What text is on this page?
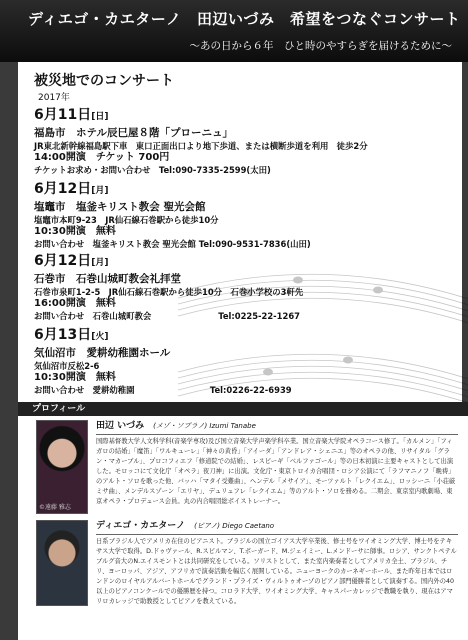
ディエゴ・カエターノ　田辺いづみ　希望をつなぐコンサート
～あの日から６年　ひと時のやすらぎを届けるために～
被災地でのコンサート
2017年
6月11日[日]
福島市　ホテル辰巳屋８階「プローニュ」
JR東北新幹線福島駅下車　東口正面出口より地下歩道、または横断歩道を利用　徒歩2分
14:00開演　チケット 700円
チケットお求め・お問い合わせ　Tel:090-7335-2599(太田)
6月12日[月]
塩竈市　塩釜キリスト教会 聖光会館
塩竈市本町9-23　JR仙石線石巻駅から徒歩10分
10:30開演　無料
お問い合わせ　塩釜キリスト教会 聖光会館 Tel:090-9531-7836(山田)
6月12日[月]
石巻市　石巻山城町教会礼拝堂
石巻市泉町1-2-5　JR仙石線石巻駅から徒歩10分　石巻小学校の3軒先
16:00開演　無料
お問い合わせ　石巻山城町教会　　　　　　　　Tel:0225-22-1267
6月13日[火]
気仙沼市　愛耕幼稚園ホール
気仙沼市反松2-6
10:30開演　無料
お問い合わせ　愛耕幼稚園　　　　　　　　　Tel:0226-22-6939
プロフィール
©遠藤 雅志
田辺 いづみ　 (メゾ・ソプラノ) Izumi Tanabe
国際基督教大学人文科学科(音楽学専攻)及び国立音楽大学声楽学科卒業。国立音楽大学院オペラコース修了。「カルメン」「フィガロの結婚」「魔笛」「ワルキューレ」「神々の黄昏」「アイーダ」「アンドレア・シェニエ」等のオペラの他、リサイタル「グラン・マカーブル」、プロコフィエフ「修道院での結婚」、レスピーギ「ベルファゴール」等の日本初演に主要キャストとして出演した。モロッコにて文化庁「オペラ」夜刀神」に出演。文化庁・東京トロイカ合唱団・ロシア公演にて「ラフマニノフ「晩祷」のアルト・ソロを歌った他、バッハ「マタイ受難曲」、ヘンデル「メサイア」、モーツァルト「レクイエム」、ロッシーニ「小荘厳ミサ曲」、メンデルスゾーン「エリヤ」、デュリュフレ「レクイエム」等のアルト・ソロを務める。二期会、東京室内歌劇場、東京オペラ・プロデュース会員。丸の内合唱団総ボイストレーナー。
ディエゴ・カエターノ　 (ピアノ) Diego Caetano
日系ブラジル人でアメリカ在住のピアニスト。ブラジルの国立ゴイアス大学卒業後、修士号をワイオミング大学、博士号をテキサス大学で取得。D.ドゥヴァール、R.スピルマン、T.ボーガード、M.ジェイミー、L.メンドーサに師事。ロシア、サンクトペテルブルグ音大のN.エイスモントとは共同研究をしている。ソリストとして、また室内楽奏者としてアメリカ全土、ブラジル、チリ、ヨーロッパ、アジア、アフリカで演奏活動を幅広く展開している。ニューヨークのカーネギーホール、また昨年日本ではロンドンのロイヤルアルバートホールでグランド・プライズ・ヴィルトゥオーゾのピアノ部門優勝者として演奏する。国内外の40以上のピアノコンクールでの優勝歴を持つ。コロラド大学、ワイオミング大学、キャスパーカレッジで教職を執り、現在はアマリロカレッジで助教授としてピアノを教えている。
